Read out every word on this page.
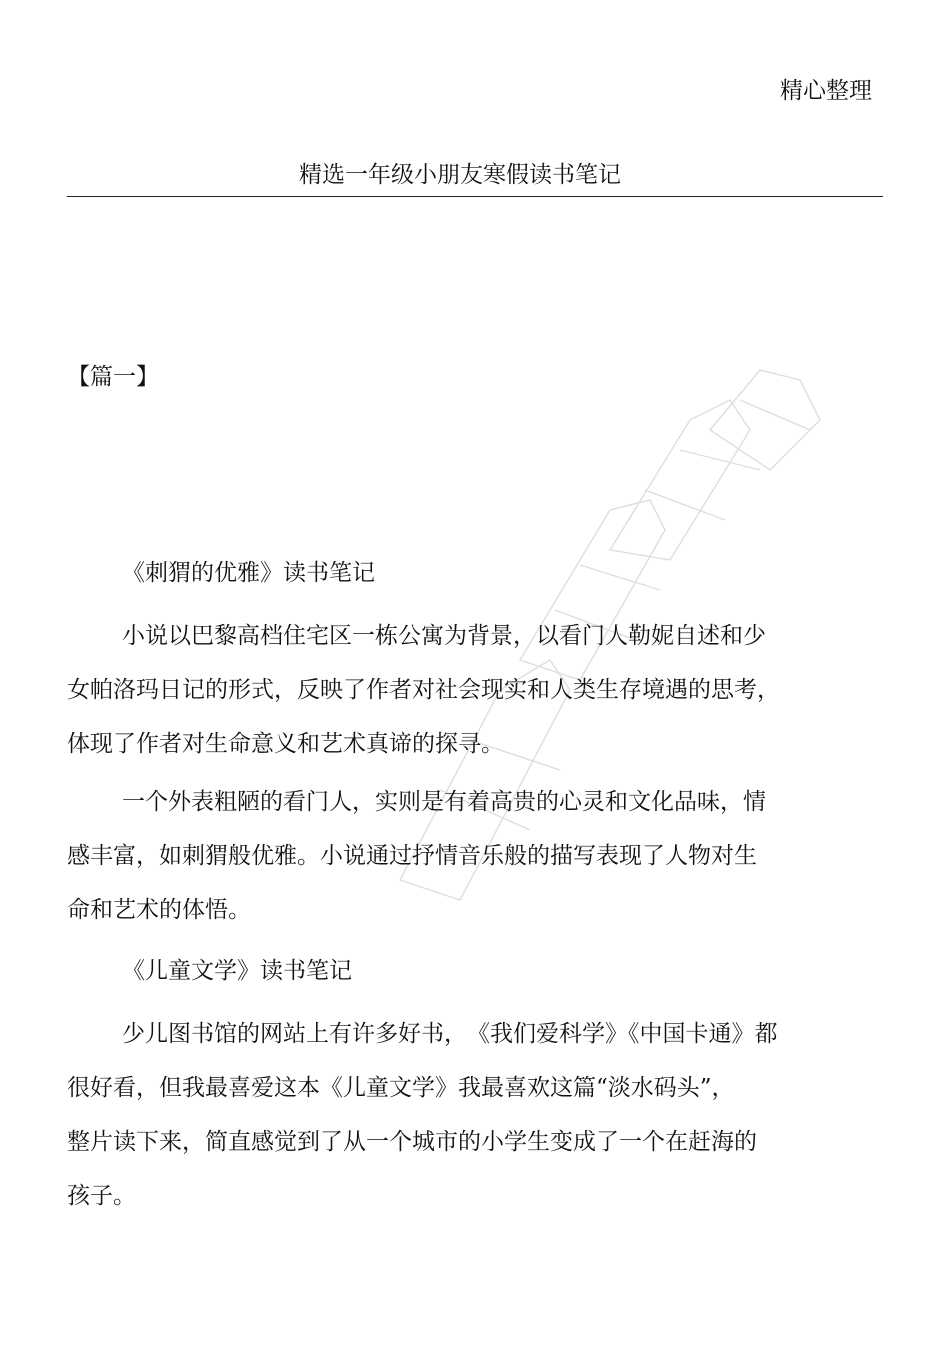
精心整理
精选一年级小朋友寒假读书笔记
【篇一】
《刺猬的优雅》读书笔记
小说以巴黎高档住宅区一栋公寓为背景，以看门人勒妮自述和少
女帕洛玛日记的形式，反映了作者对社会现实和人类生存境遇的思考，
体现了作者对生命意义和艺术真谛的探寻。
一个外表粗陋的看门人，实则是有着高贵的心灵和文化品味，情
感丰富，如刺猬般优雅。小说通过抒情音乐般的描写表现了人物对生
命和艺术的体悟。
《儿童文学》读书笔记
少儿图书馆的网站上有许多好书，　《我们爱科学》《中国卡通》都
很好看，但我最喜爱这本《儿童文学》我最喜欢这篇“淡水码头”，
整片读下来，简直感觉到了从一个城市的小学生变成了一个在赶海的
孩子。
